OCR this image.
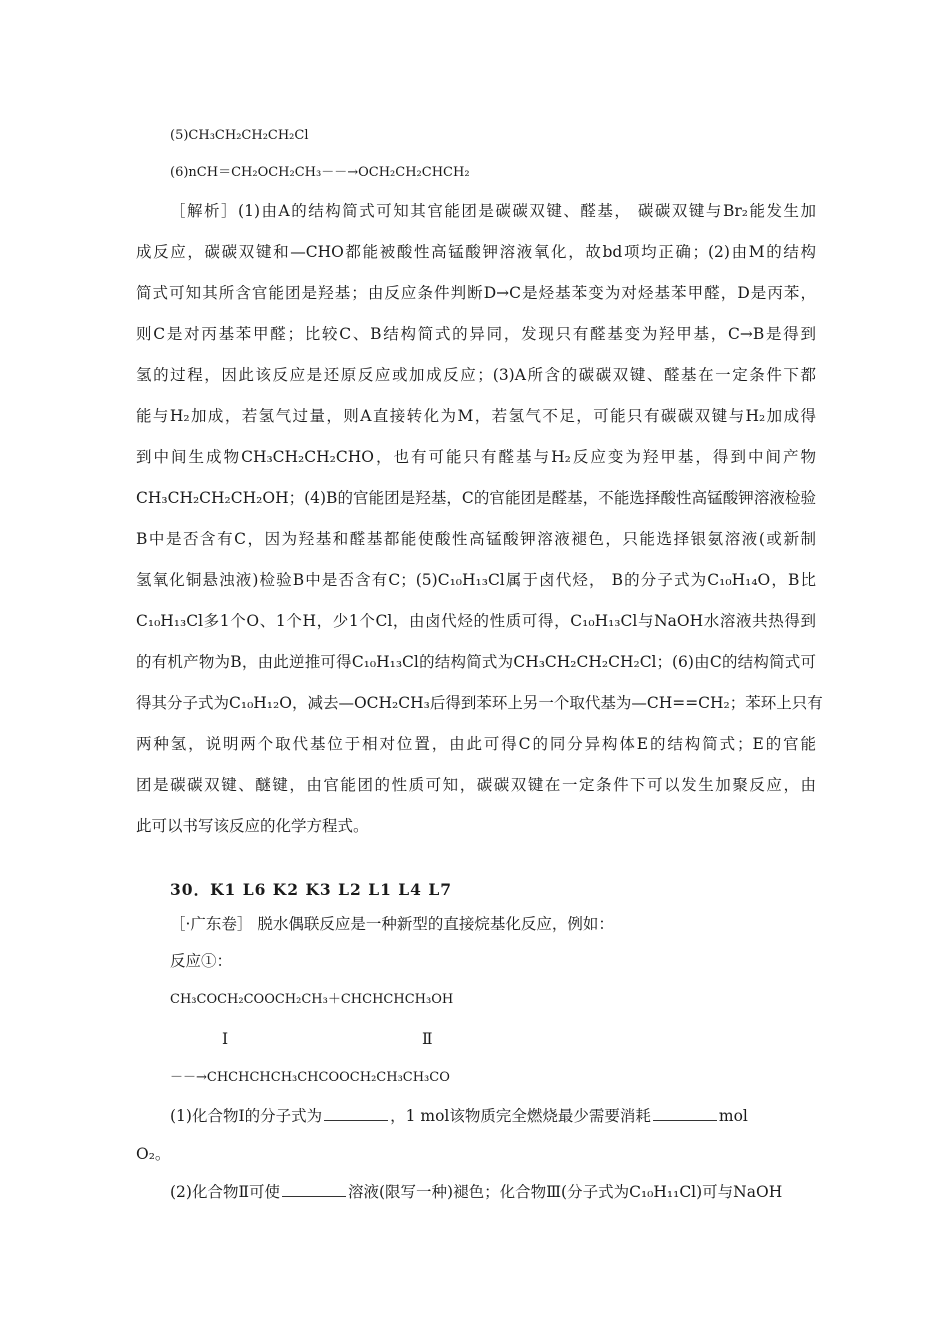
(5)CH₃CH₂CH₂CH₂Cl
(6)nCH＝CH₂OCH₂CH₃－－→OCH₂CH₂CHCH₂
［解析］(1)由A的结构简式可知其官能团是碳碳双键、醛基， 碳碳双键与Br₂能发生加
成反应，碳碳双键和—CHO都能被酸性高锰酸钾溶液氧化，故bd项均正确；(2)由M的结构
简式可知其所含官能团是羟基；由反应条件判断D→C是烃基苯变为对烃基苯甲醛，D是丙苯，
则C是对丙基苯甲醛；比较C、B结构简式的异同，发现只有醛基变为羟甲基，C→B是得到
氢的过程，因此该反应是还原反应或加成反应；(3)A所含的碳碳双键、醛基在一定条件下都
能与H₂加成，若氢气过量，则A直接转化为M，若氢气不足，可能只有碳碳双键与H₂加成得
到中间生成物CH₃CH₂CH₂CHO，也有可能只有醛基与H₂反应变为羟甲基，得到中间产物
CH₃CH₂CH₂CH₂OH；(4)B的官能团是羟基，C的官能团是醛基，不能选择酸性高锰酸钾溶液检验
B中是否含有C，因为羟基和醛基都能使酸性高锰酸钾溶液褪色，只能选择银氨溶液(或新制
氢氧化铜悬浊液)检验B中是否含有C；(5)C₁₀H₁₃Cl属于卤代烃， B的分子式为C₁₀H₁₄O，B比
C₁₀H₁₃Cl多1个O、1个H，少1个Cl，由卤代烃的性质可得，C₁₀H₁₃Cl与NaOH水溶液共热得到
的有机产物为B，由此逆推可得C₁₀H₁₃Cl的结构简式为CH₃CH₂CH₂CH₂Cl；(6)由C的结构简式可
得其分子式为C₁₀H₁₂O，减去—OCH₂CH₃后得到苯环上另一个取代基为—CH==CH₂；苯环上只有
两种氢，说明两个取代基位于相对位置，由此可得C的同分异构体E的结构简式；E的官能
团是碳碳双键、醚键，由官能团的性质可知，碳碳双键在一定条件下可以发生加聚反应，由
此可以书写该反应的化学方程式。
30．K1 L6 K2 K3 L2 L1 L4 L7
［·广东卷］ 脱水偶联反应是一种新型的直接烷基化反应，例如：
反应①：
CH₃COCH₂COOCH₂CH₃＋CHCHCHCH₃OH
Ⅰ	Ⅱ
－－→CHCHCHCH₃CHCOOCH₂CH₃CH₃CO
(1)化合物Ⅰ的分子式为	，1 mol该物质完全燃烧最少需要消耗	mol
O₂。
(2)化合物Ⅱ可使	溶液(限写一种)褪色；化合物Ⅲ(分子式为C₁₀H₁₁Cl)可与NaOH
